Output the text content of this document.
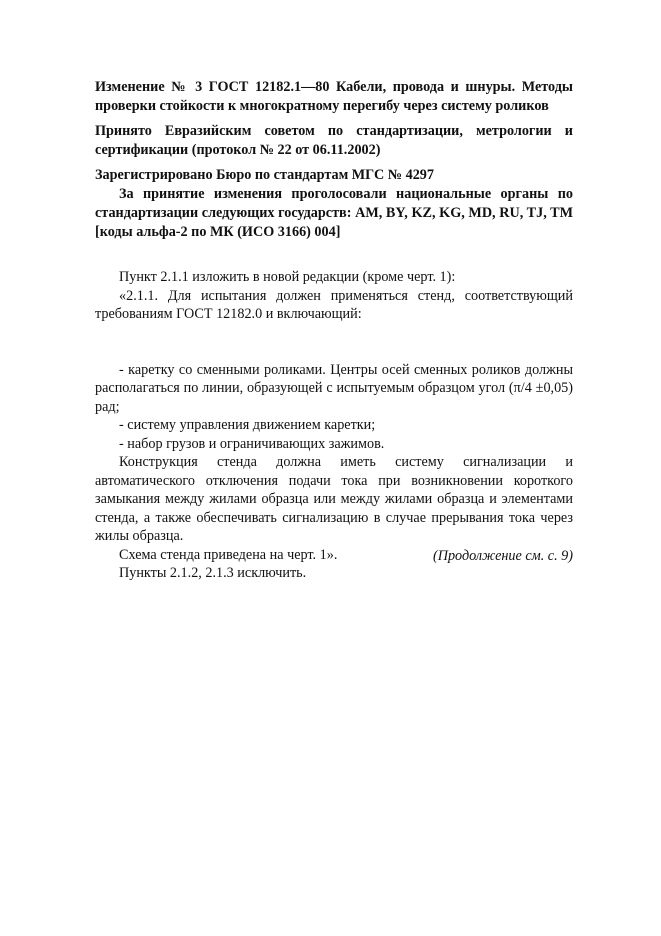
Изменение № 3 ГОСТ 12182.1—80 Кабели, провода и шнуры. Методы проверки стойкости к многократному перегибу через систему роликов

Принято Евразийским советом по стандартизации, метрологии и сертификации (протокол № 22 от 06.11.2002)

Зарегистрировано Бюро по стандартам МГС № 4297

За принятие изменения проголосовали национальные органы по стандартизации следующих государств: AM, BY, KZ, KG, MD, RU, TJ, TM [коды альфа-2 по МК (ИСО 3166) 004]

Пункт 2.1.1 изложить в новой редакции (кроме черт. 1):

«2.1.1. Для испытания должен применяться стенд, соответствующий требованиям ГОСТ 12182.0 и включающий:

- каретку со сменными роликами. Центры осей сменных роликов должны располагаться по линии, образующей с испытуемым образцом угол (π/4 ±0,05) рад;

- систему управления движением каретки;

- набор грузов и ограничивающих зажимов.

Конструкция стенда должна иметь систему сигнализации и автоматического отключения подачи тока при возникновении короткого замыкания между жилами образца или между жилами образца и элементами стенда, а также обеспечивать сигнализацию в случае прерывания тока через жилы образца.

Схема стенда приведена на черт. 1».

Пункты 2.1.2, 2.1.3 исключить.

(Продолжение см. с. 9)
